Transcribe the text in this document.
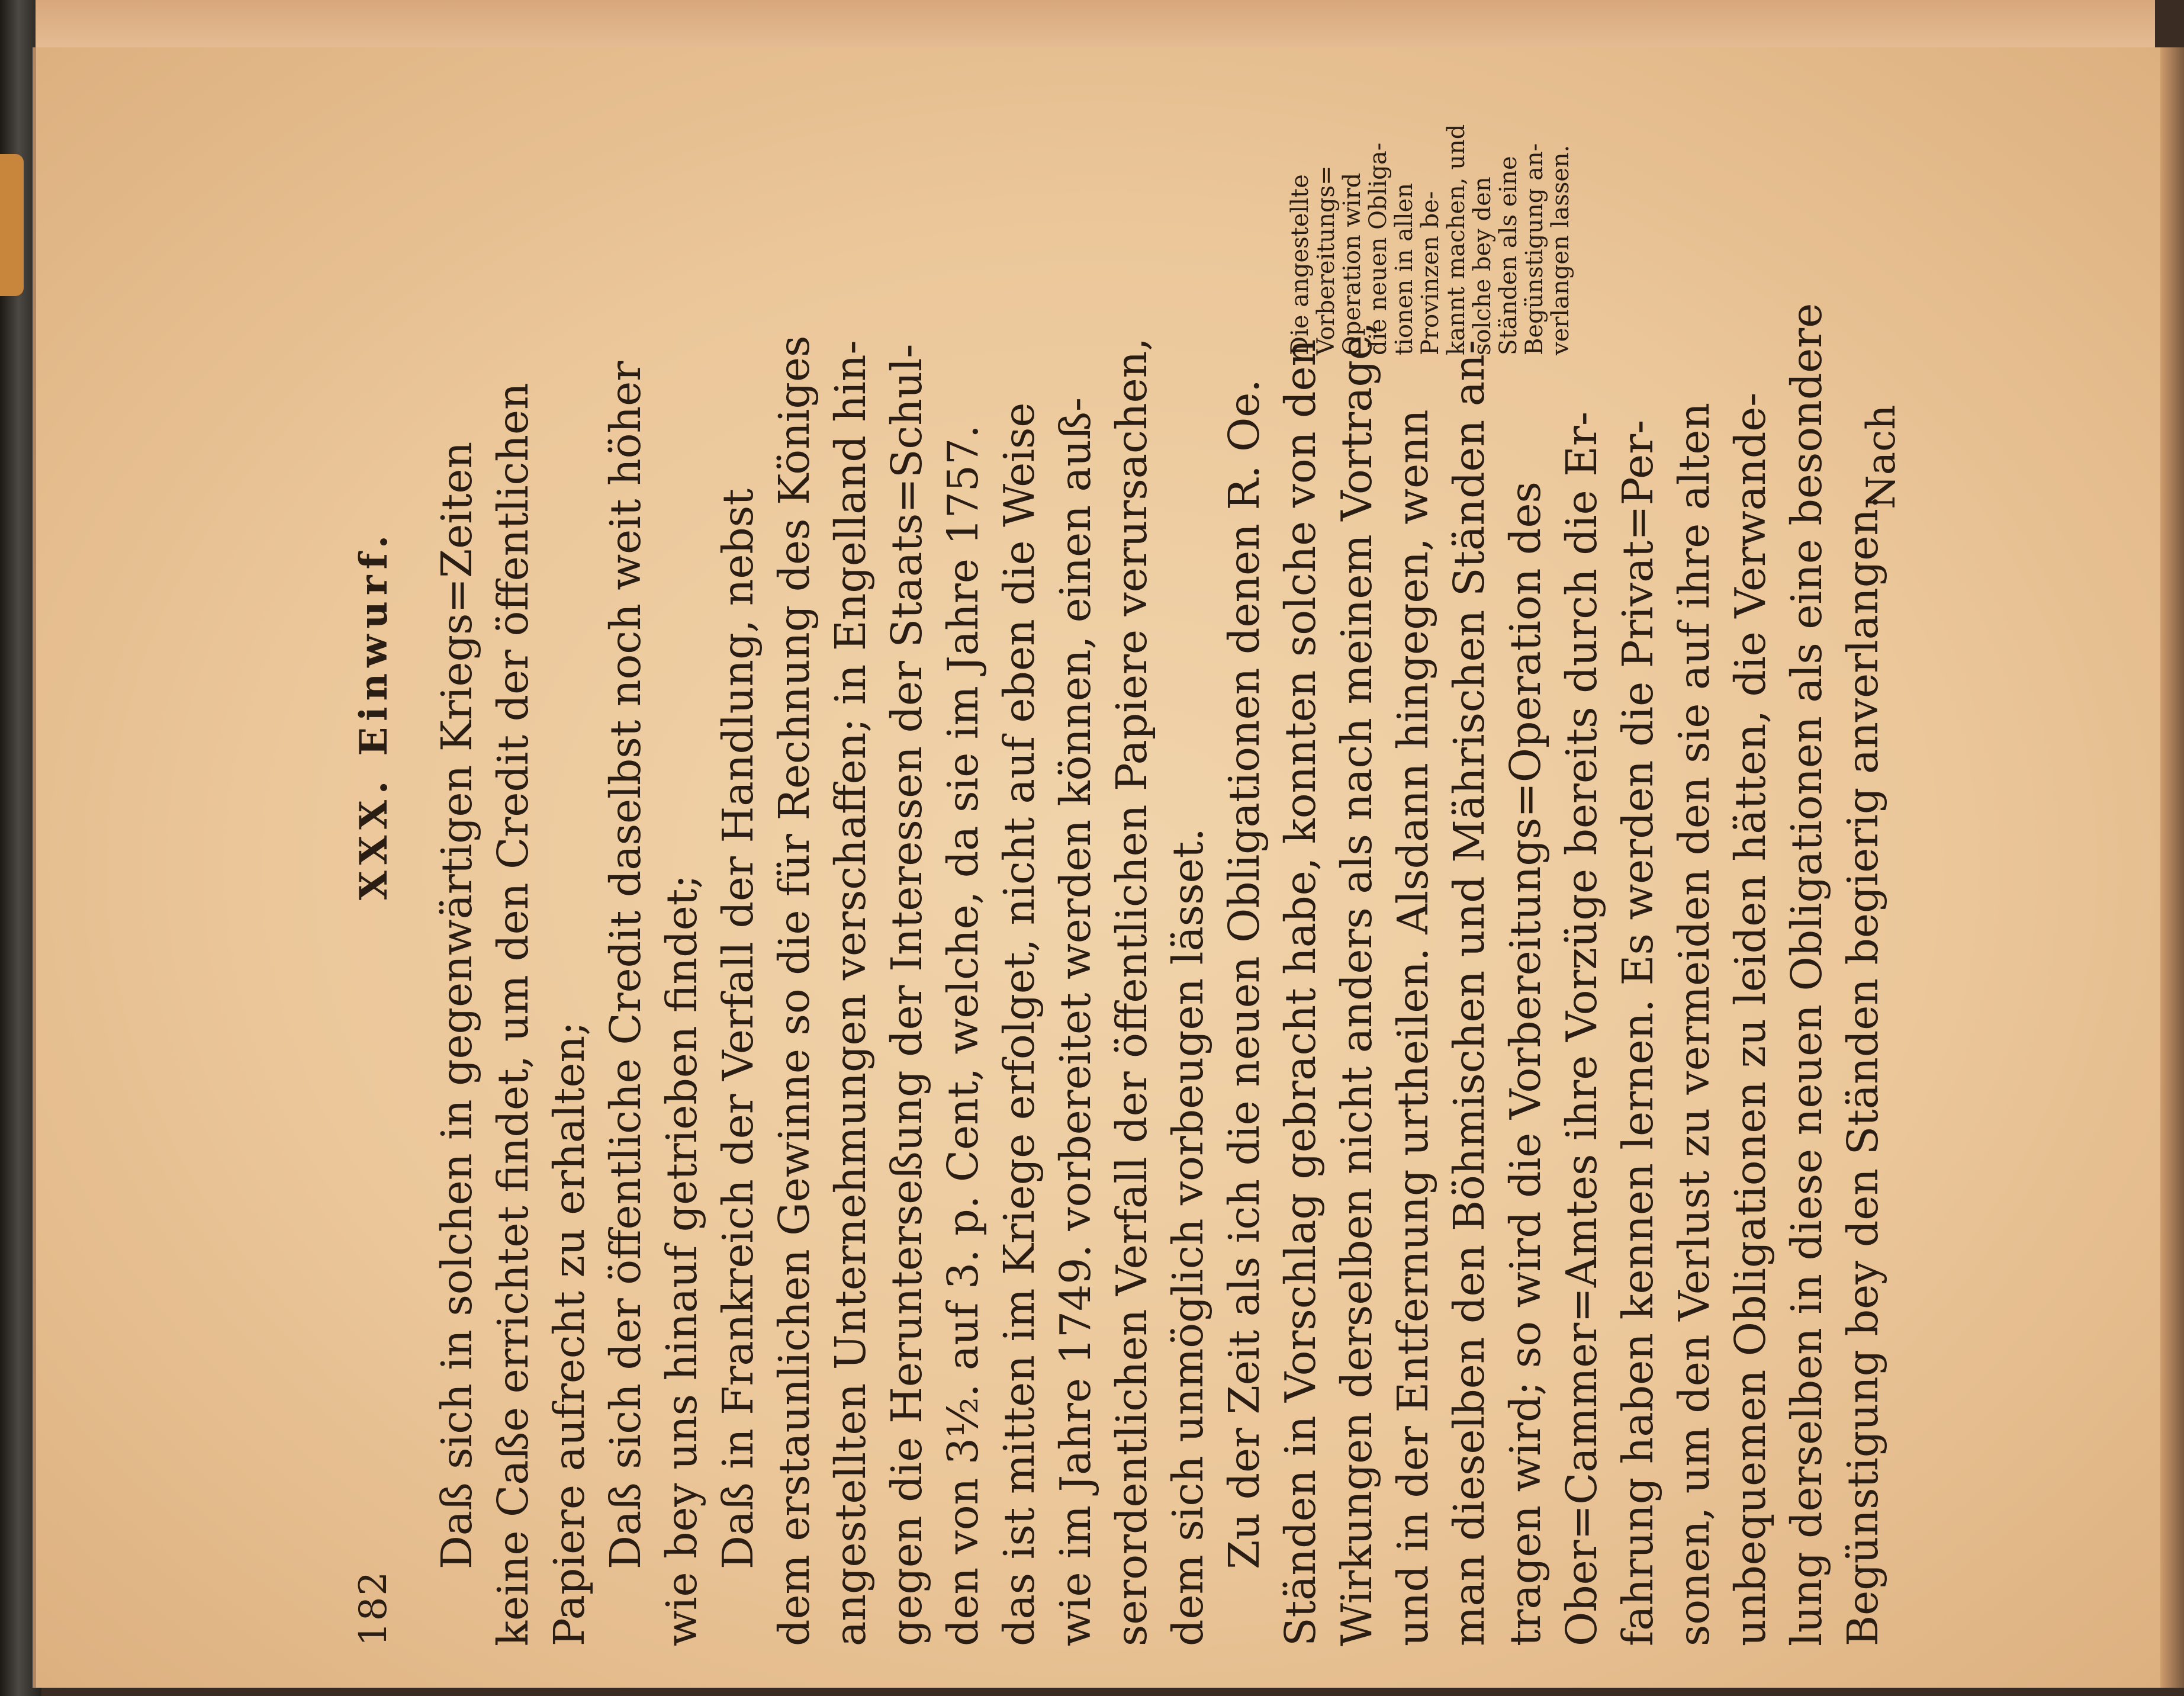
182
XXX. Einwurf. Daß sich in solchen in gegenwärtigen Kriegs=Zeiten keine Caße errichtet findet, um den Credit der öffentlichen Papiere aufrecht zu erhalten; Daß sich der öffentliche Credit daselbst noch weit höher wie bey uns hinauf getrieben findet; Daß in Frankreich der Verfall der Handlung, nebst dem erstaunlichen Gewinne so die für Rechnung des Königes angestellten Unternehmungen verschaffen; in Engelland hin- gegen die Herunterseßung der Interessen der Staats=Schul- den von 3½. auf 3. p. Cent, welche, da sie im Jahre 1757. das ist mitten im Kriege erfolget, nicht auf eben die Weise wie im Jahre 1749. vorbereitet werden können, einen auß- serordentlichen Verfall der öffentlichen Papiere verursachen, dem sich unmöglich vorbeugen lässet. Zu der Zeit als ich die neuen Obligationen denen R. Oe. Ständen in Vorschlag gebracht habe, konnten solche von den Wirkungen derselben nicht anders als nach meinem Vortrage, und in der Entfernung urtheilen. Alsdann hingegen, wenn man dieselben den Böhmischen und Mährischen Ständen an- tragen wird; so wird die Vorbereitungs=Operation des Ober=Cammer=Amtes ihre Vorzüge bereits durch die Er- fahrung haben kennen lernen. Es werden die Privat=Per- sonen, um den Verlust zu vermeiden den sie auf ihre alten unbequemen Obligationen zu leiden hätten, die Verwande- lung derselben in diese neuen Obligationen als eine besondere Begünstigung bey den Ständen begierig anverlangen.

Nach
Die angestellte
Vorbereitungs=
Operation wird
die neuen Obliga-
tionen in allen
Provinzen be-
kannt machen, und
solche bey den
Ständen als eine
Begünstigung an-
verlangen lassen.
